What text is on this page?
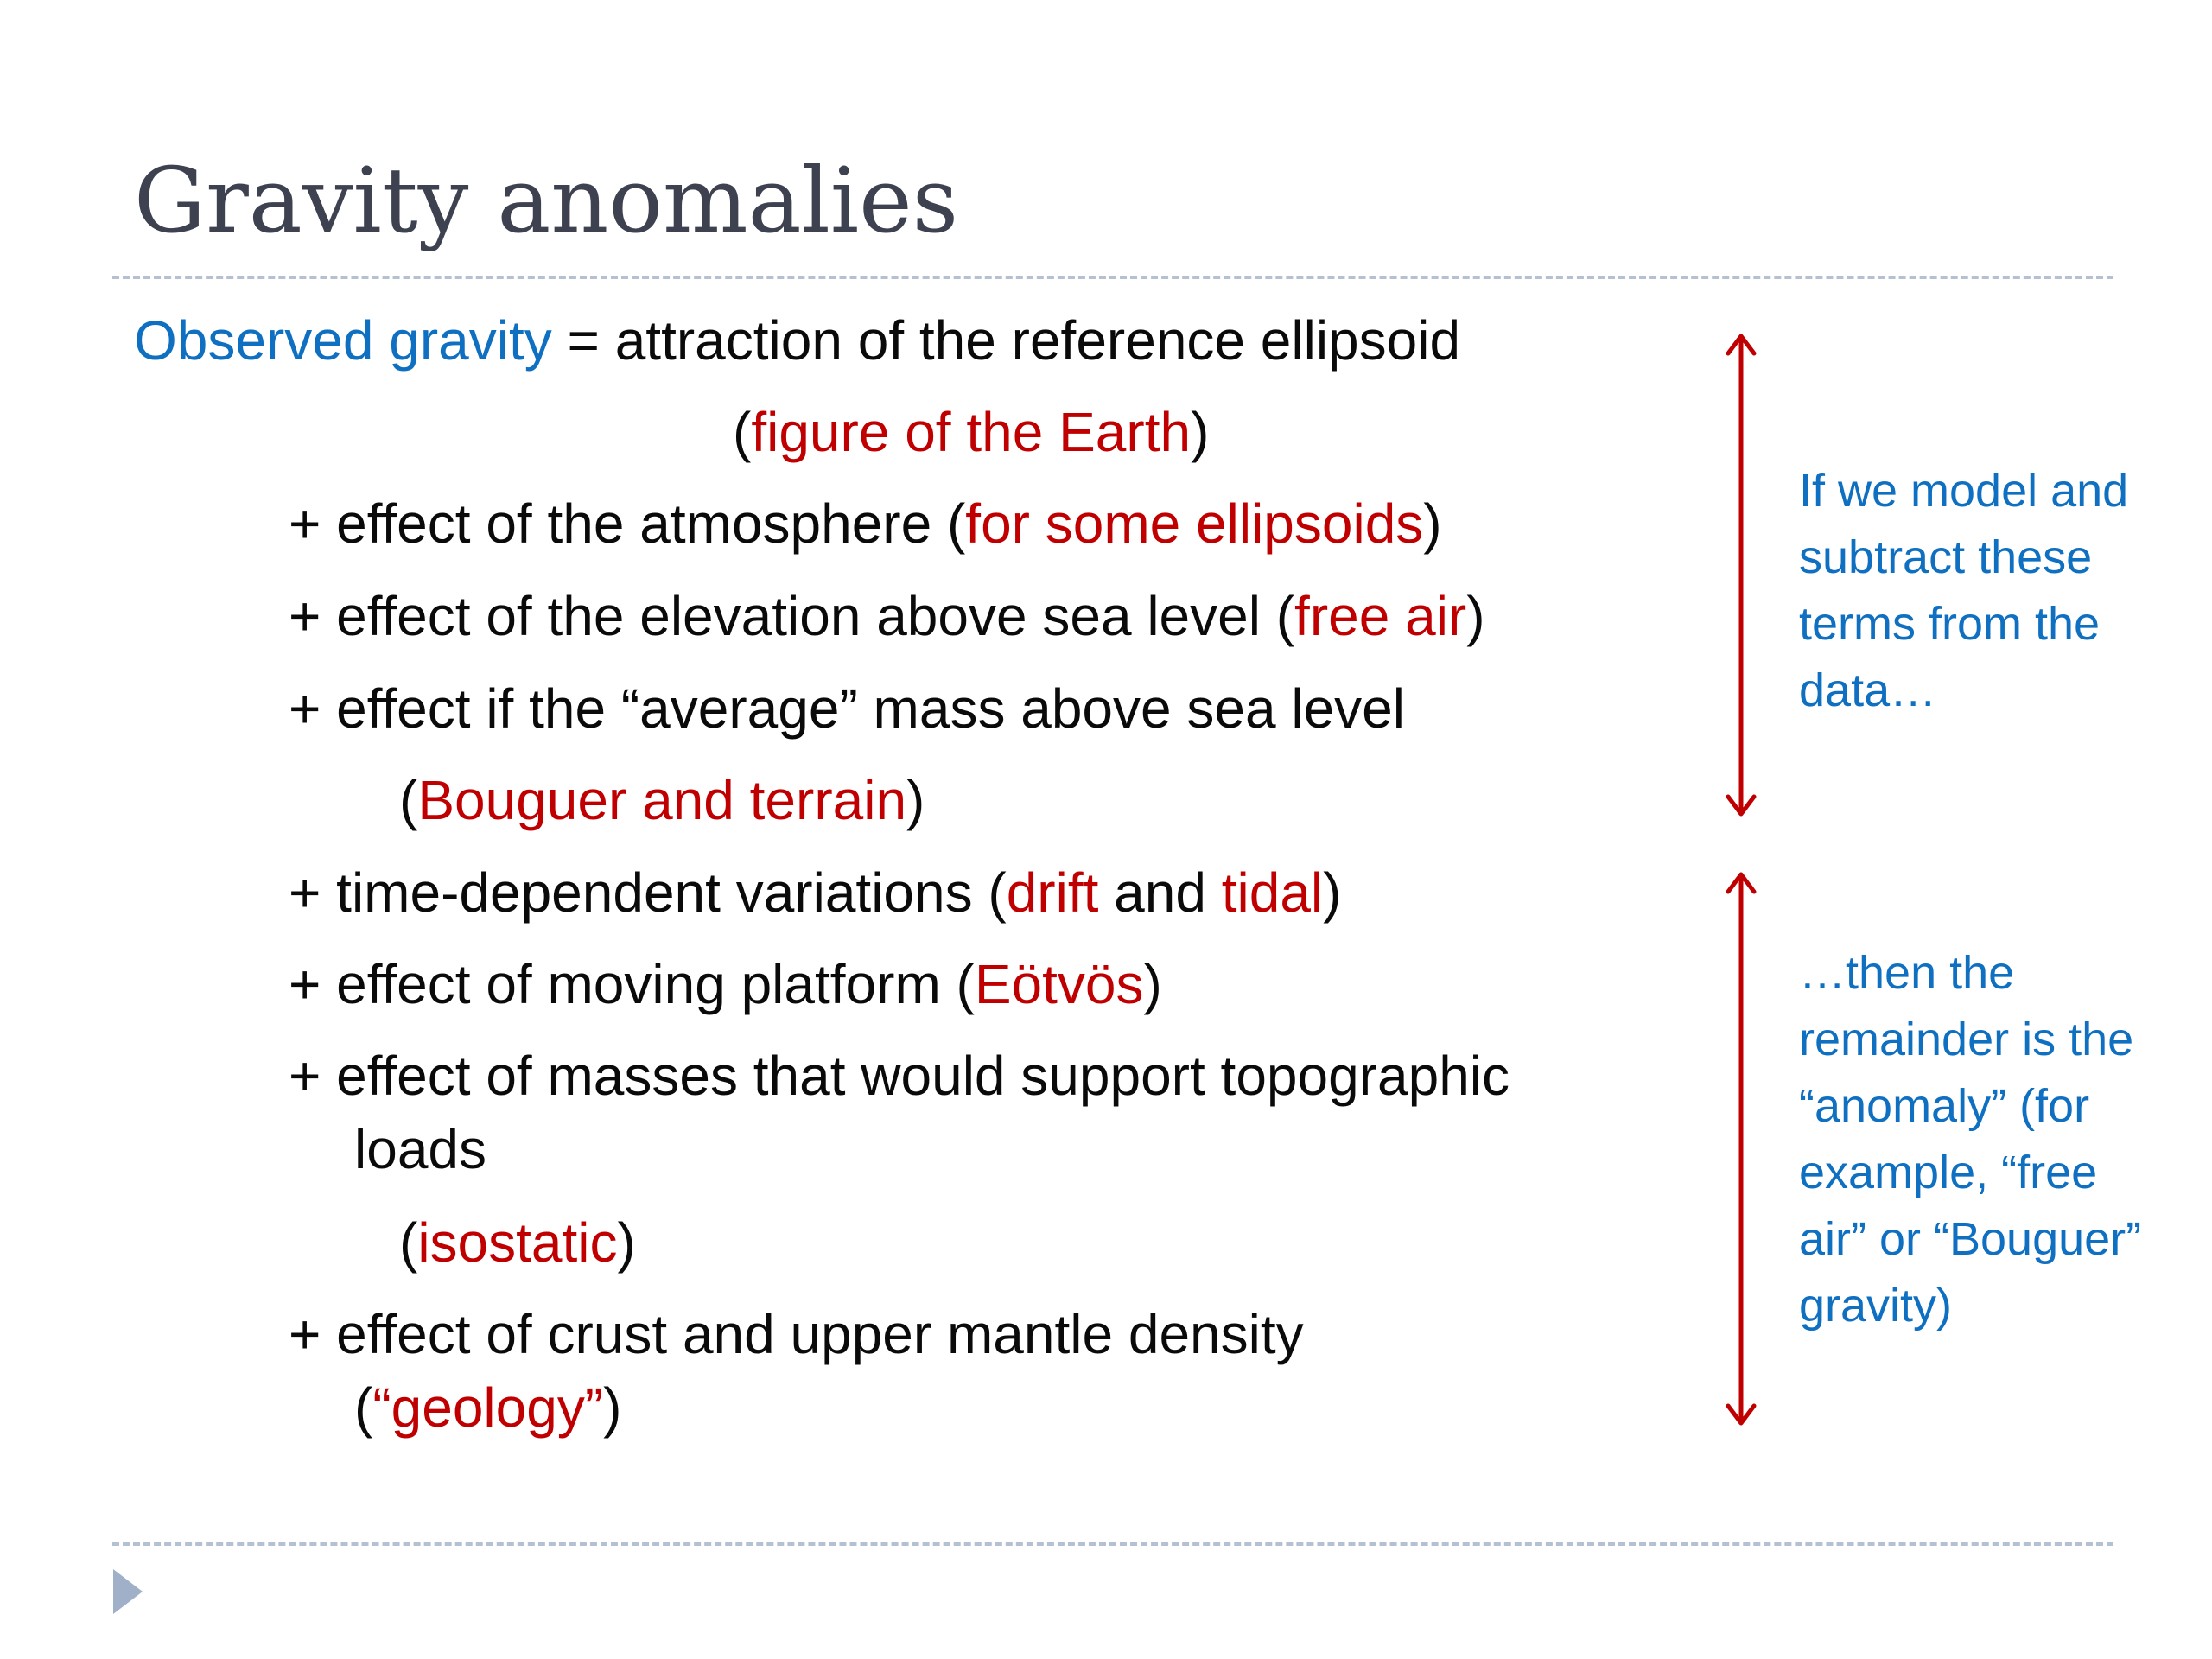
Gravity anomalies

Observed gravity = attraction of the reference ellipsoid

(figure of the Earth)

+ effect of the atmosphere (for some ellipsoids)

+ effect of the elevation above sea level (free air)

+ effect if the “average” mass above sea level

(Bouguer and terrain)

+ time-dependent variations (drift and tidal)

+ effect of moving platform (Eötvös)

+ effect of masses that would support topographic

loads

(isostatic)

+ effect of crust and upper mantle density

(“geology”)

If we model and
subtract these
terms from the
data…
…then the
remainder is the
“anomaly” (for
example, “free
air” or “Bouguer”
gravity)
